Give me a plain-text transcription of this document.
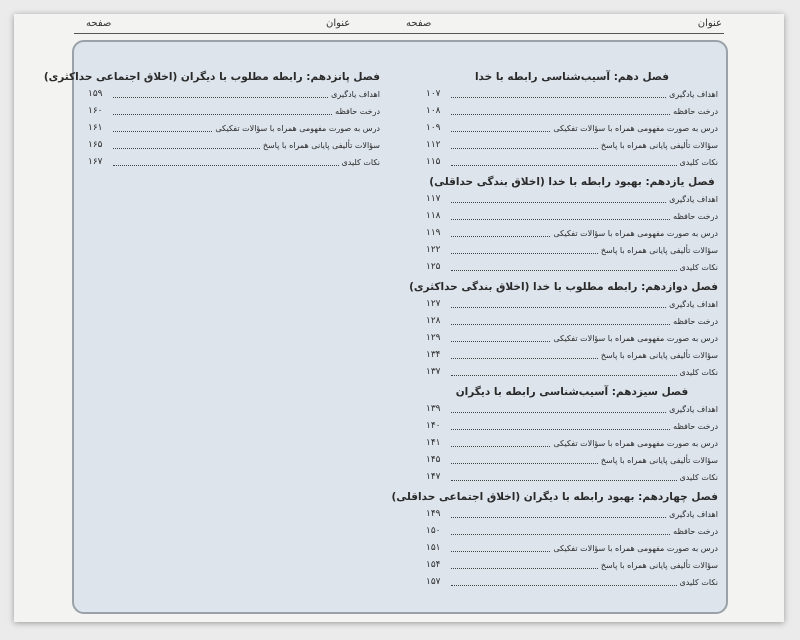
عنوان
صفحه
عنوان
صفحه
فصل دهم: آسیب‌شناسی رابطه با خدا
اهداف یادگیری
۱۰۷
درخت حافظه
۱۰۸
درس به صورت مفهومی همراه با سؤالات تفکیکی
۱۰۹
سؤالات تألیفی پایانی همراه با پاسخ
۱۱۲
نکات کلیدی
۱۱۵
فصل یازدهم: بهبود رابطه با خدا (اخلاق بندگی حداقلی)
اهداف یادگیری
۱۱۷
درخت حافظه
۱۱۸
درس به صورت مفهومی همراه با سؤالات تفکیکی
۱۱۹
سؤالات تألیفی پایانی همراه با پاسخ
۱۲۲
نکات کلیدی
۱۲۵
فصل دوازدهم: رابطه مطلوب با خدا (اخلاق بندگی حداکثری)
اهداف یادگیری
۱۲۷
درخت حافظه
۱۲۸
درس به صورت مفهومی همراه با سؤالات تفکیکی
۱۲۹
سؤالات تألیفی پایانی همراه با پاسخ
۱۳۴
نکات کلیدی
۱۳۷
فصل سیزدهم: آسیب‌شناسی رابطه با دیگران
اهداف یادگیری
۱۳۹
درخت حافظه
۱۴۰
درس به صورت مفهومی همراه با سؤالات تفکیکی
۱۴۱
سؤالات تألیفی پایانی همراه با پاسخ
۱۴۵
نکات کلیدی
۱۴۷
فصل چهاردهم: بهبود رابطه با دیگران (اخلاق اجتماعی حداقلی)
اهداف یادگیری
۱۴۹
درخت حافظه
۱۵۰
درس به صورت مفهومی همراه با سؤالات تفکیکی
۱۵۱
سؤالات تألیفی پایانی همراه با پاسخ
۱۵۴
نکات کلیدی
۱۵۷
فصل پانزدهم: رابطه مطلوب با دیگران (اخلاق اجتماعی حداکثری)
اهداف یادگیری
۱۵۹
درخت حافظه
۱۶۰
درس به صورت مفهومی همراه با سؤالات تفکیکی
۱۶۱
سؤالات تألیفی پایانی همراه با پاسخ
۱۶۵
نکات کلیدی
۱۶۷
